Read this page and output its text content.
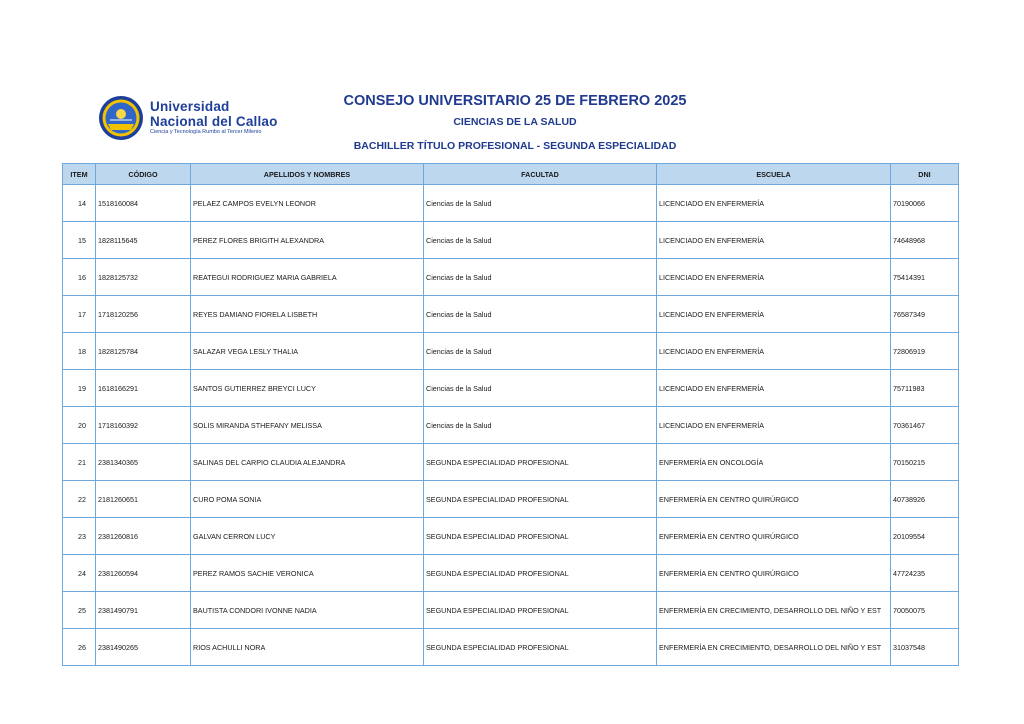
Universidad
Nacional del Callao
Ciencia y Tecnología Rumbo al Tercer Milenio
CONSEJO UNIVERSITARIO 25 DE FEBRERO 2025
CIENCIAS DE LA SALUD
BACHILLER TÍTULO PROFESIONAL - SEGUNDA ESPECIALIDAD
ITEM	CÓDIGO	APELLIDOS Y NOMBRES	FACULTAD	ESCUELA	DNI
14	1518160084	PELAEZ CAMPOS EVELYN LEONOR	Ciencias de la Salud	LICENCIADO EN ENFERMERÍA	70190066
15	1828115645	PEREZ FLORES BRIGITH ALEXANDRA	Ciencias de la Salud	LICENCIADO EN ENFERMERÍA	74648968
16	1828125732	REATEGUI RODRIGUEZ MARIA GABRIELA	Ciencias de la Salud	LICENCIADO EN ENFERMERÍA	75414391
17	1718120256	REYES DAMIANO FIORELA LISBETH	Ciencias de la Salud	LICENCIADO EN ENFERMERÍA	76587349
18	1828125784	SALAZAR VEGA LESLY THALIA	Ciencias de la Salud	LICENCIADO EN ENFERMERÍA	72806919
19	1618166291	SANTOS GUTIERREZ BREYCI LUCY	Ciencias de la Salud	LICENCIADO EN ENFERMERÍA	75711983
20	1718160392	SOLIS MIRANDA STHEFANY MELISSA	Ciencias de la Salud	LICENCIADO EN ENFERMERÍA	70361467
21	2381340365	SALINAS DEL CARPIO CLAUDIA ALEJANDRA	SEGUNDA ESPECIALIDAD PROFESIONAL	ENFERMERÍA EN ONCOLOGÍA	70150215
22	2181260651	CURO POMA SONIA	SEGUNDA ESPECIALIDAD PROFESIONAL	ENFERMERÍA EN CENTRO QUIRÚRGICO	40738926
23	2381260816	GALVAN CERRON LUCY	SEGUNDA ESPECIALIDAD PROFESIONAL	ENFERMERÍA EN CENTRO QUIRÚRGICO	20109554
24	2381260594	PEREZ RAMOS SACHIE VERONICA	SEGUNDA ESPECIALIDAD PROFESIONAL	ENFERMERÍA EN CENTRO QUIRÚRGICO	47724235
25	2381490791	BAUTISTA CONDORI IVONNE NADIA	SEGUNDA ESPECIALIDAD PROFESIONAL	ENFERMERÍA EN CRECIMIENTO, DESARROLLO DEL NIÑO Y EST	70050075
26	2381490265	RIOS ACHULLI NORA	SEGUNDA ESPECIALIDAD PROFESIONAL	ENFERMERÍA EN CRECIMIENTO, DESARROLLO DEL NIÑO Y EST	31037548
